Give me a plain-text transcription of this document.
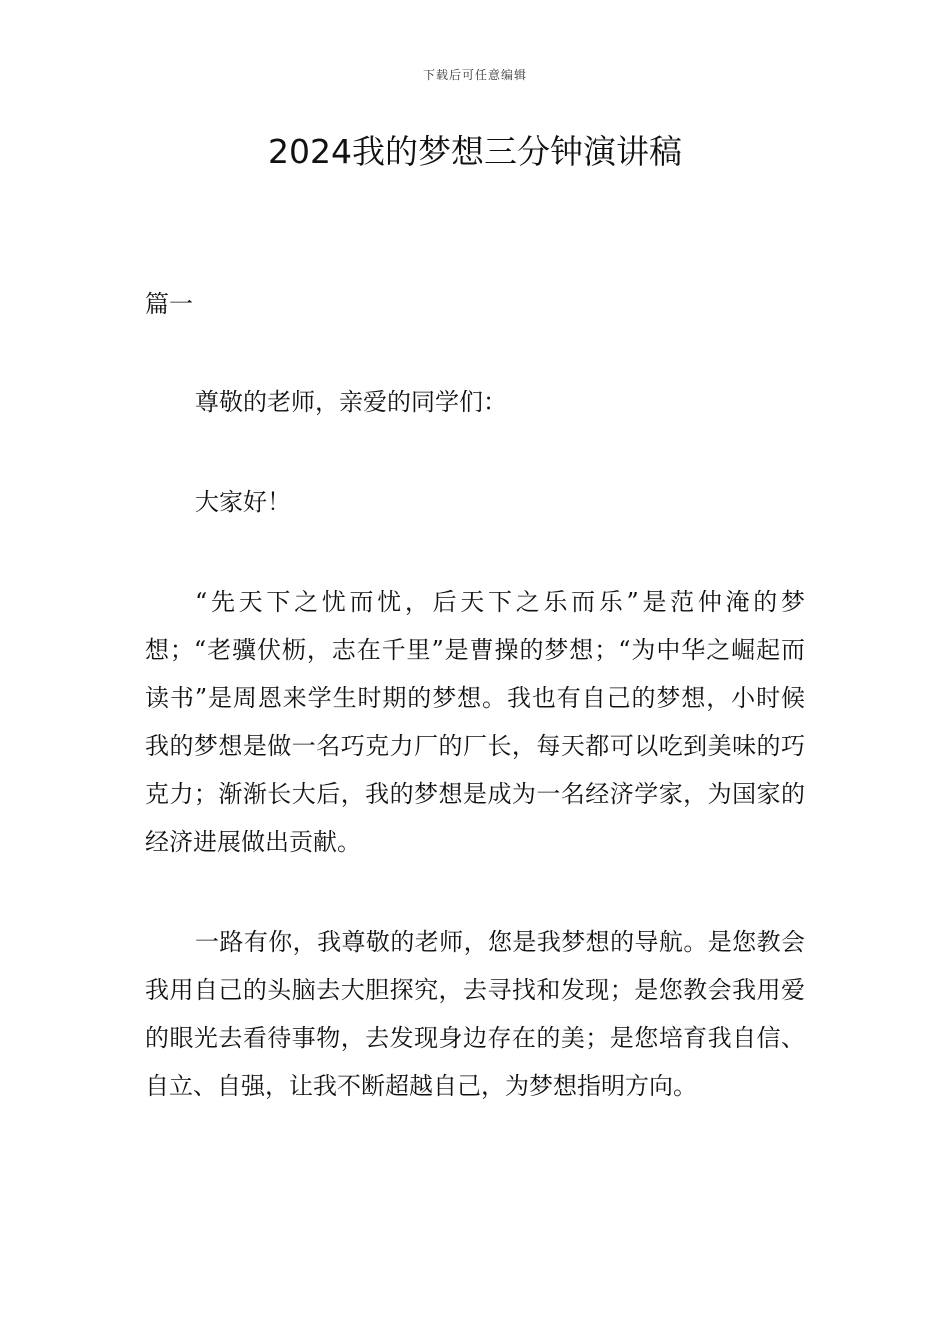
下载后可任意编辑
2024我的梦想三分钟演讲稿
篇一

尊敬的老师，亲爱的同学们：

大家好！

“先天下之忧而忧，后天下之乐而乐”是范仲淹的梦想；“老骥伏枥，志在千里”是曹操的梦想；“为中华之崛起而读书”是周恩来学生时期的梦想。我也有自己的梦想，小时候我的梦想是做一名巧克力厂的厂长，每天都可以吃到美味的巧克力；渐渐长大后，我的梦想是成为一名经济学家，为国家的经济进展做出贡献。

一路有你，我尊敬的老师，您是我梦想的导航。是您教会我用自己的头脑去大胆探究，去寻找和发现；是您教会我用爱的眼光去看待事物，去发现身边存在的美；是您培育我自信、自立、自强，让我不断超越自己，为梦想指明方向。
